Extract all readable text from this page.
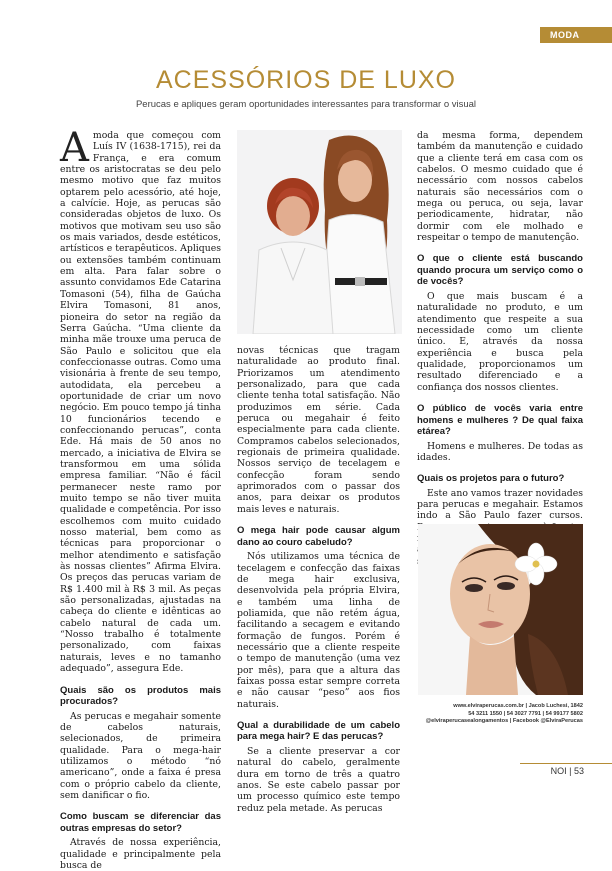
MODA
ACESSÓRIOS DE LUXO
Perucas e apliques geram oportunidades interessantes para transformar o visual

Amoda que começou com Luís IV (1638-1715), rei da França, e era comum entre os aristocratas se deu pelo mesmo motivo que faz muitos optarem pelo acessório, até hoje, a calvície. Hoje, as perucas são consideradas objetos de luxo. Os motivos que motivam seu uso são os mais variados, desde estéticos, artísticos e terapêuticos. Apliques ou extensões também continuam em alta. Para falar sobre o assunto convidamos Ede Catarina Tomasoni (54), filha de Gaúcha Elvira Tomasoni, 81 anos, pioneira do setor na região da Serra Gaúcha. “Uma cliente da minha mãe trouxe uma peruca de São Paulo e solicitou que ela confeccionasse outras. Como uma visionária à frente de seu tempo, autodidata, ela percebeu a oportunidade de criar um novo negócio. Em pouco tempo já tinha 10 funcionários tecendo e confeccionando perucas”, conta Ede. Há mais de 50 anos no mercado, a iniciativa de Elvira se transformou em uma sólida empresa familiar. “Não é fácil permanecer neste ramo por muito tempo se não tiver muita qualidade e competência. Por isso escolhemos com muito cuidado nosso material, bem como as técnicas para proporcionar o melhor atendimento e satisfação às nossas clientes” Afirma Elvira. Os preços das perucas variam de R$ 1.400 mil à R$ 3 mil. As peças são personalizadas, ajustadas na cabeça do cliente e idênticas ao cabelo natural de cada um. “Nosso trabalho é totalmente personalizado, com faixas naturais, leves e no tamanho adequado”, assegura Ede.

Quais são os produtos mais procurados?

As perucas e megahair somente de cabelos naturais, selecionados, de primeira qualidade. Para o mega-hair utilizamos o método “nó americano”, onde a faixa é presa com o próprio cabelo da cliente, sem danificar o fio.

Como buscam se diferenciar das outras empresas do setor?

Através de nossa experiência, qualidade e principalmente pela busca de

novas técnicas que tragam naturalidade ao produto final. Priorizamos um atendimento personalizado, para que cada cliente tenha total satisfação. Não produzimos em série. Cada peruca ou megahair é feito especialmente para cada cliente. Compramos cabelos selecionados, regionais de primeira qualidade. Nossos serviço de tecelagem e confecção foram sendo aprimorados com o passar dos anos, para deixar os produtos mais leves e naturais.

O mega hair pode causar algum dano ao couro cabeludo?

Nós utilizamos uma técnica de tecelagem e confecção das faixas de mega hair exclusiva, desenvolvida pela própria Elvira, e também uma linha de poliamida, que não retém água, facilitando a secagem e evitando formação de fungos. Porém é necessário que a cliente respeite o tempo de manutenção (uma vez por mês), para que a altura das faixas possa estar sempre correta e não causar “peso” aos fios naturais.

Qual a durabilidade de um cabelo para mega hair? E das perucas?

Se a cliente preservar a cor natural do cabelo, geralmente dura em torno de três a quatro anos. Se este cabelo passar por um processo químico este tempo reduz pela metade. As perucas

da mesma forma, dependem também da manutenção e cuidado que a cliente terá em casa com os cabelos. O mesmo cuidado que é necessário com nossos cabelos naturais são necessários com o mega ou peruca, ou seja, lavar periodicamente, hidratar, não dormir com ele molhado e respeitar o tempo de manutenção.

O que o cliente está buscando quando procura um serviço como o de vocês?

O que mais buscam é a naturalidade no produto, e um atendimento que respeite a sua necessidade como um cliente único. E, através da nossa experiência e busca pela qualidade, proporcionamos um resultado diferenciado e a confiança dos nossos clientes.

O público de vocês varia entre homens e mulheres ? De qual faixa etárea?

Homens e mulheres. De todas as idades.

Quais os projetos para o futuro?

Este ano vamos trazer novidades para perucas e megahair. Estamos indo a São Paulo fazer cursos.

www.elviraperucas.com.br | Jacob Luchesi, 1842
54 3211 1550 | 54 3027 7791 | 54 99177 5802
@elviraperucasealongamentos | Facebook @ElviraPerucas
NOI | 53
